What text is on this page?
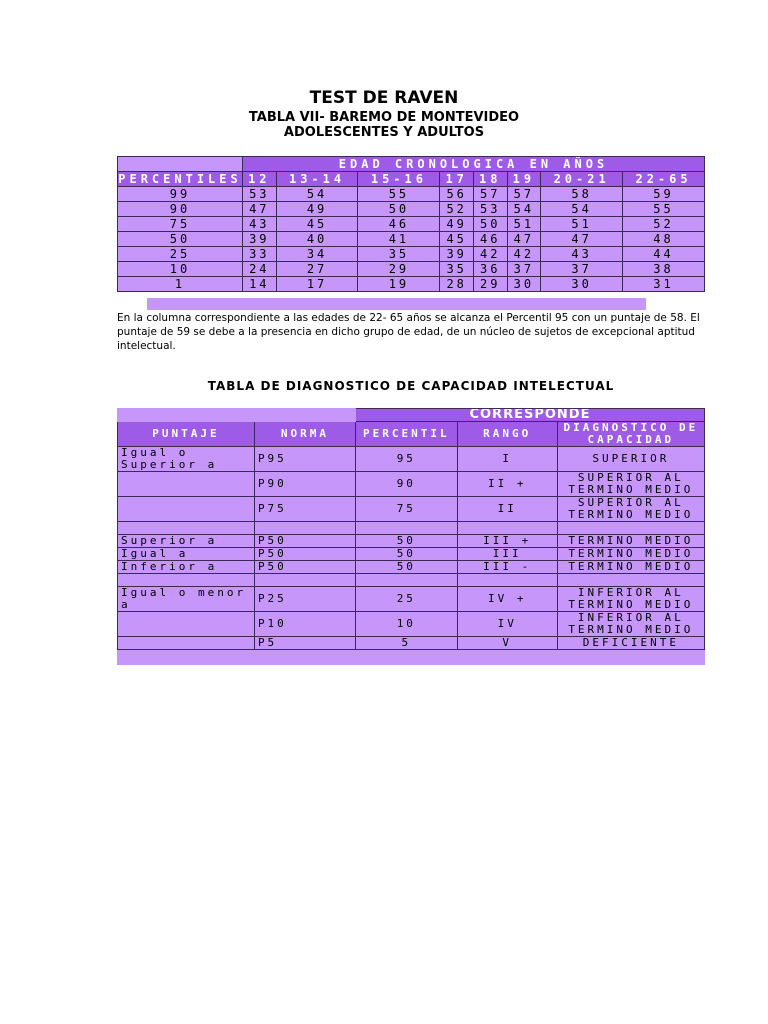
TEST DE RAVEN
TABLA VII- BAREMO DE MONTEVIDEO
ADOLESCENTES Y ADULTOS
	EDAD CRONOLOGICA EN AÑOS							
PERCENTILES	12	13-14	15-16	17	18	19	20-21	22-65
99	53	54	55	56	57	57	58	59
90	47	49	50	52	53	54	54	55
75	43	45	46	49	50	51	51	52
50	39	40	41	45	46	47	47	48
25	33	34	35	39	42	42	43	44
10	24	27	29	35	36	37	37	38
1	14	17	19	28	29	30	30	31
En la columna correspondiente a las edades de 22- 65 años se alcanza el Percentil 95 con un puntaje de 58. El puntaje de 59 se debe a la presencia en dicho grupo de edad, de un núcleo de sujetos de excepcional aptitud intelectual.
TABLA DE DIAGNOSTICO DE CAPACIDAD INTELECTUAL
		CORRESPONDE		
PUNTAJE	NORMA	PERCENTIL	RANGO	DIAGNOSTICO DE CAPACIDAD
Igual o Superior a	P95	95	I	SUPERIOR
	P90	90	II +	SUPERIOR AL TERMINO MEDIO
	P75	75	II	SUPERIOR AL TERMINO MEDIO

Superior a	P50	50	III +	TERMINO MEDIO
Igual a	P50	50	III	TERMINO MEDIO
Inferior a	P50	50	III -	TERMINO MEDIO

Igual o menor a	P25	25	IV +	INFERIOR AL TERMINO MEDIO
	P10	10	IV	INFERIOR AL TERMINO MEDIO
	P5	5	V	DEFICIENTE
